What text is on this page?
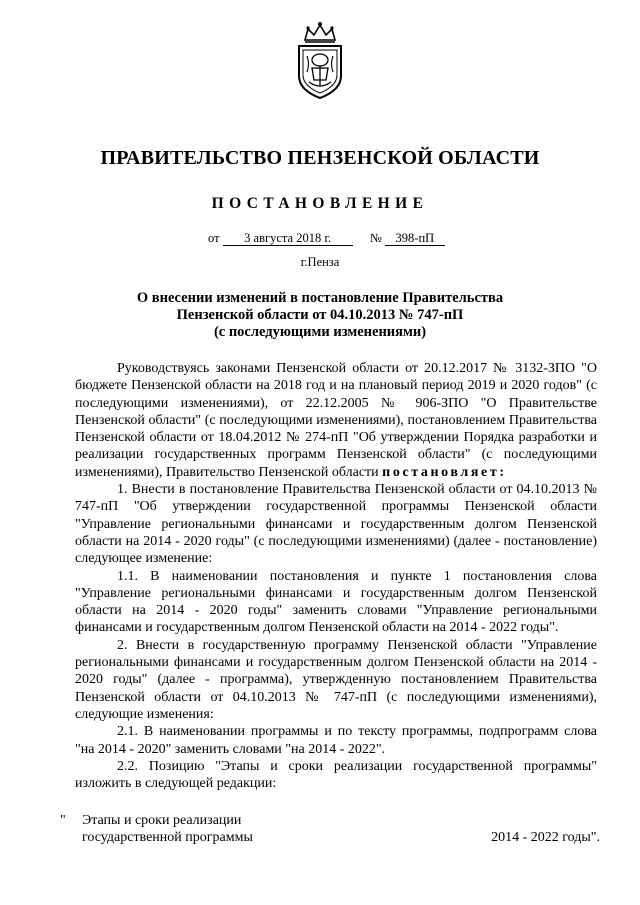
ПРАВИТЕЛЬСТВО ПЕНЗЕНСКОЙ ОБЛАСТИ
ПОСТАНОВЛЕНИЕ
от 3 августа 2018 г.	№ 398-пП
г.Пенза
О внесении изменений в постановление Правительства
Пензенской области от 04.10.2013 № 747-пП
(с последующими изменениями)

Руководствуясь законами Пензенской области от 20.12.2017 № 3132-ЗПО "О бюджете Пензенской области на 2018 год и на плановый период 2019 и 2020 годов" (с последующими изменениями), от 22.12.2005 № 906-ЗПО "О Правительстве Пензенской области" (с последующими изменениями), постановлением Правительства Пензенской области от 18.04.2012 № 274-пП "Об утверждении Порядка разработки и реализации государственных программ Пензенской области" (с последующими изменениями), Правительство Пензенской области постановляет:

1. Внести в постановление Правительства Пензенской области от 04.10.2013 № 747-пП "Об утверждении государственной программы Пензенской области "Управление региональными финансами и государственным долгом Пензенской области на 2014 - 2020 годы" (с последующими изменениями) (далее - постановление) следующее изменение:

1.1. В наименовании постановления и пункте 1 постановления слова "Управление региональными финансами и государственным долгом Пензенской области на 2014 - 2020 годы" заменить словами "Управление региональными финансами и государственным долгом Пензенской области на 2014 - 2022 годы".

2. Внести в государственную программу Пензенской области "Управление региональными финансами и государственным долгом Пензенской области на 2014 - 2020 годы" (далее - программа), утвержденную постановлением Правительства Пензенской области от 04.10.2013 № 747-пП (с последующими изменениями), следующие изменения:

2.1. В наименовании программы и по тексту программы, подпрограмм слова "на 2014 - 2020" заменить словами "на 2014 - 2022".

2.2. Позицию "Этапы и сроки реализации государственной программы" изложить в следующей редакции:

" Этапы и сроки реализации
государственной программы	2014 - 2022 годы".
